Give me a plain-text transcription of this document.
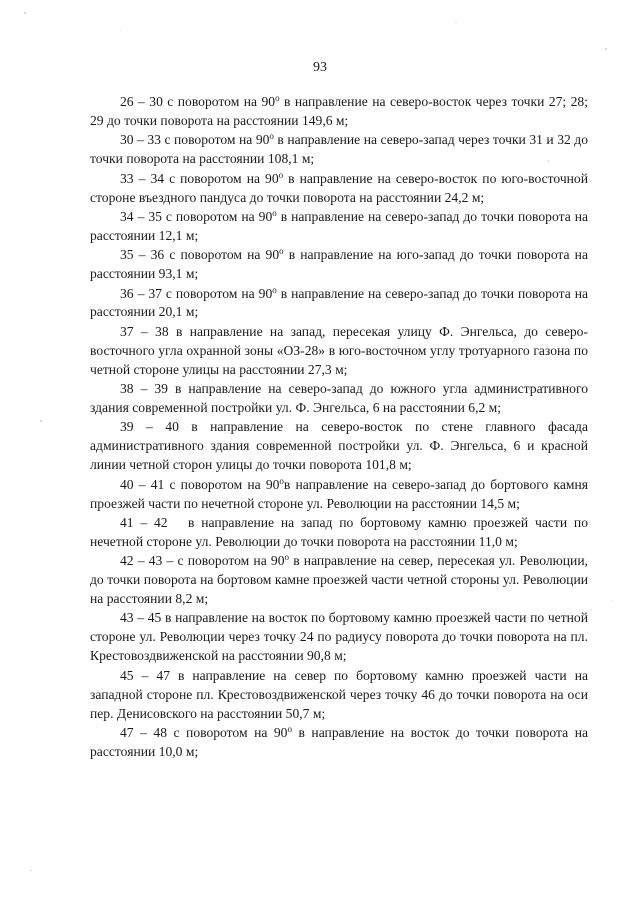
93

26 – 30 с поворотом на $90^о$ в направление на северо-восток через точки 27; 28; 29 до точки поворота на расстоянии 149,6 м;

30 – 33 с поворотом на $90^о$ в направление на северо-запад через точки 31 и 32 до точки поворота на расстоянии 108,1 м;

33 – 34 с поворотом на $90^о$ в направление на северо-восток по юго-восточной стороне въездного пандуса до точки поворота на расстоянии 24,2 м;

34 – 35 с поворотом на $90^о$ в направление на северо-запад до точки поворота на расстоянии 12,1 м;

35 – 36 с поворотом на $90^о$ в направление на юго-запад до точки поворота на расстоянии 93,1 м;

36 – 37 с поворотом на $90^о$ в направление на северо-запад до точки поворота на расстоянии 20,1 м;

37 – 38 в направление на запад, пересекая улицу Ф. Энгельса, до северо-восточного угла охранной зоны «ОЗ-28» в юго-восточном углу тротуарного газона по четной стороне улицы на расстоянии 27,3 м;

38 – 39 в направление на северо-запад до южного угла административного здания современной постройки ул. Ф. Энгельса, 6 на расстоянии 6,2 м;

39 – 40 в направление на северо-восток по стене главного фасада административного здания современной постройки ул. Ф. Энгельса, 6 и красной линии четной сторон улицы до точки поворота 101,8 м;

40 – 41 с поворотом на $90^ов$ направление на северо-запад до бортового камня проезжей части по нечетной стороне ул. Революции на расстоянии 14,5 м;

41 – 42   в направление на запад по бортовому камню проезжей части по нечетной стороне ул. Революции до точки поворота на расстоянии 11,0 м;

42 – 43 – с поворотом на $90^о$ в направление на север, пересекая ул. Революции, до точки поворота на бортовом камне проезжей части четной стороны ул. Революции на расстоянии 8,2 м;

43 – 45 в направление на восток по бортовому камню проезжей части по четной стороне ул. Революции через точку 24 по радиусу поворота до точки поворота на пл. Крестовоздвиженской на расстоянии 90,8 м;

45 – 47 в направление на север по бортовому камню проезжей части на западной стороне пл. Крестовоздвиженской через точку 46 до точки поворота на оси пер. Денисовского на расстоянии 50,7 м;

47 – 48 с поворотом на $90^о$ в направление на восток до точки поворота на расстоянии 10,0 м;
